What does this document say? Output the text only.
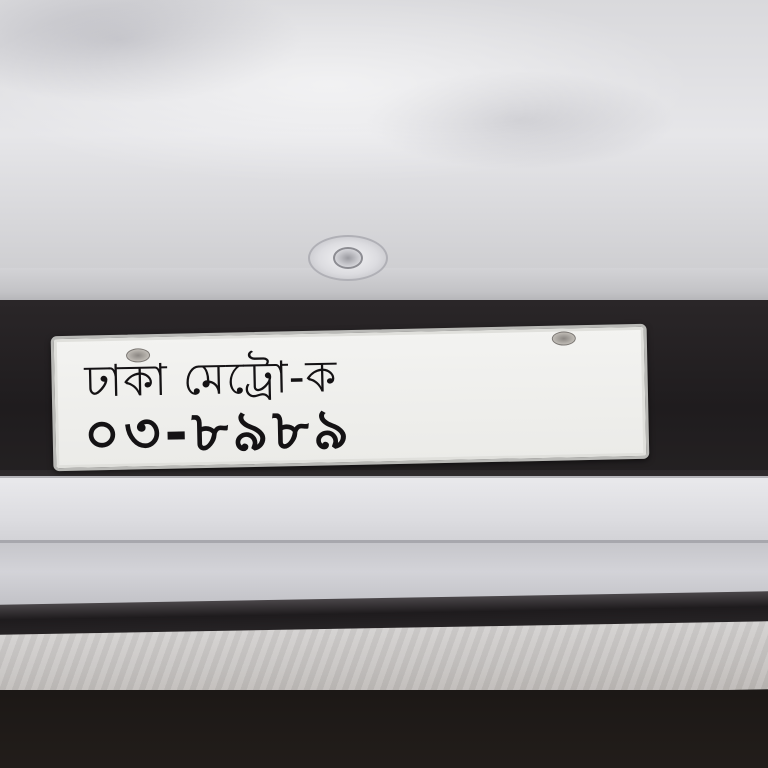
ঢাকা মেট্রো-ক
০৩-৮৯৮৯
